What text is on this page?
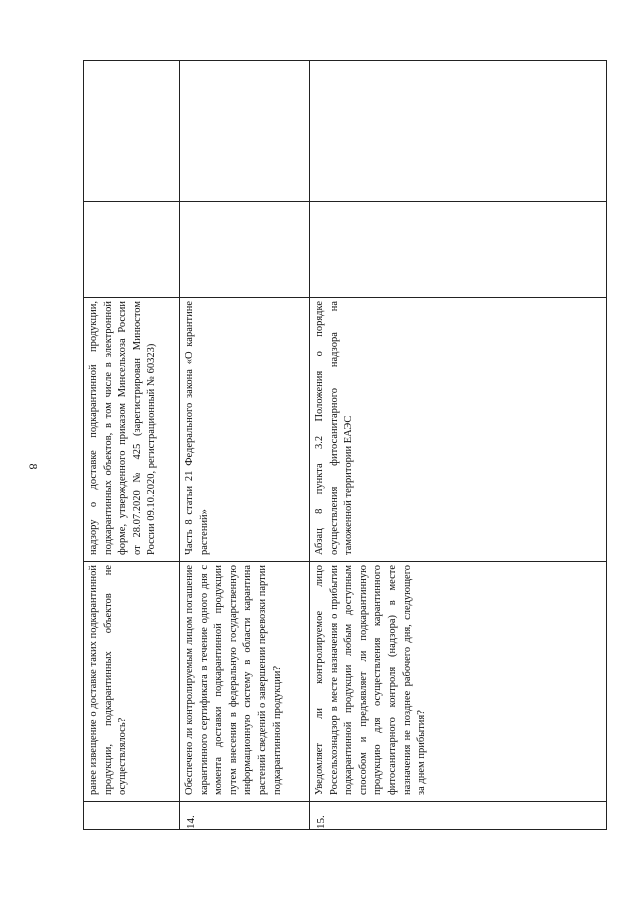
8	надзору о доставке подкарантинной продукции, подкарантинных объектов, в том числе в электронной форме, утвержденного приказом Минсельхоза России от 28.07.2020 № 425 (зарегистрирован Минюстом России 09.10.2020, регистрационный № 60323)
ранее извещение о доставке таких подкарантинной продукции, подкарантинных объектов не осуществлялось?
14.
Часть 8 статьи 21 Федерального закона «О карантине растений»
Обеспечено ли контролируемым лицом погашение карантинного сертификата в течение одного дня с момента доставки подкарантинной продукции путем внесения в федеральную государственную информационную систему в области карантина растений сведений о завершении перевозки партии подкарантинной продукции?
15.
Абзац 8 пункта 3.2 Положения о порядке осуществления фитосанитарного надзора на таможенной территории ЕАЭС
Уведомляет ли контролируемое лицо Россельхознадзор в месте назначения о прибытии подкарантинной продукции любым доступным способом и предъявляет ли подкарантинную продукцию для осуществления карантинного фитосанитарного контроля (надзора) в месте назначения не позднее рабочего дня, следующего за днем прибытия?
